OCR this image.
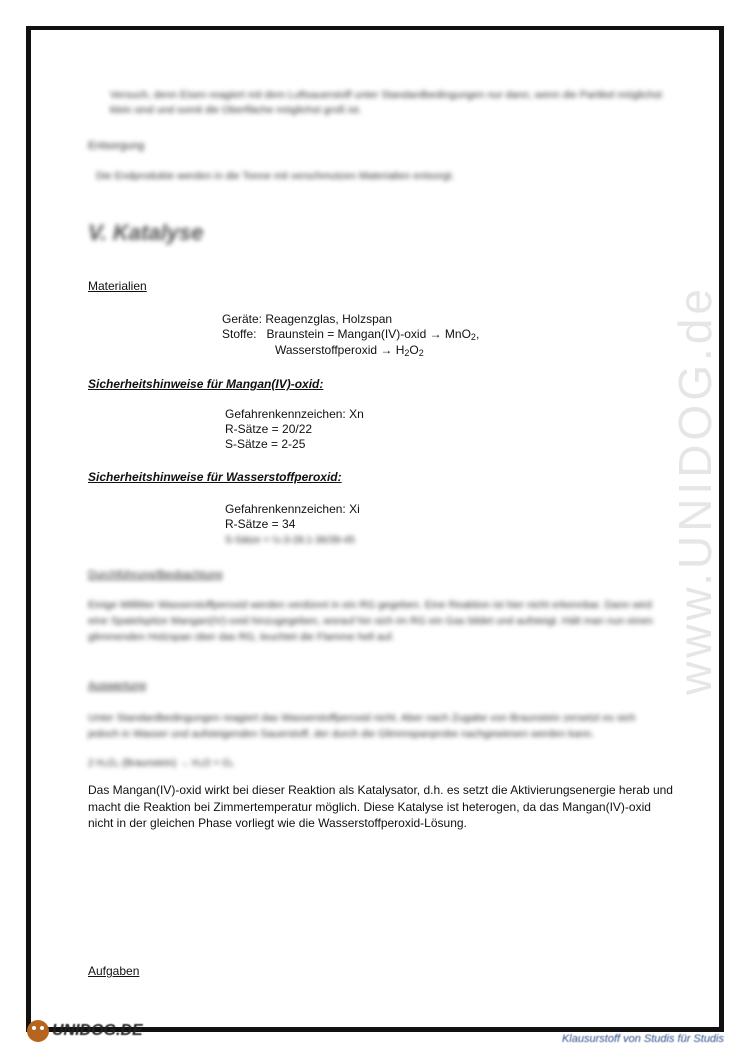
www.UNIDOG.de
Versuch, denn Eisen reagiert mit dem Luftsauerstoff unter Standardbedingungen nur dann, wenn die Partikel möglichst klein sind und somit die Oberfläche möglichst groß ist.
Entsorgung
Die Endprodukte werden in die Tonne mit verschmutzen Materialien entsorgt.
V. Katalyse
Materialien
Geräte: Reagenzglas, Holzspan
Stoffe: Braunstein = Mangan(IV)-oxid → MnO$_2$,
Wasserstoffperoxid → $H_2O_2$
Sicherheitshinweise für Mangan(IV)-oxid:
Gefahrenkennzeichen: Xn
R-Sätze = 20/22
S-Sätze = 2-25
Sicherheitshinweise für Wasserstoffperoxid:
Gefahrenkennzeichen: Xi
R-Sätze = 34
S-Sätze = ½-3-28.1-36/39-45
Durchführung/Beobachtung
Einige Milliliter Wasserstoffperoxid werden verdünnt in ein RG gegeben. Eine Reaktion ist hier nicht erkennbar. Dann wird eine Spatelspitze Mangan(IV)-oxid hinzugegeben, worauf hin sich im RG ein Gas bildet und aufsteigt. Hält man nun einen glimmenden Holzspan über das RG, leuchtet die Flamme hell auf.
Auswertung
Unter Standardbedingungen reagiert das Wasserstoffperoxid nicht. Aber nach Zugabe von Braunstein zersetzt es sich jedoch in Wasser und aufsteigenden Sauerstoff, der durch die Glimmspanprobe nachgewiesen werden kann.
2 H₂O₂ (Braunstein) → H₂O + O₂
Das Mangan(IV)-oxid wirkt bei dieser Reaktion als Katalysator, d.h. es setzt die Aktivierungsenergie herab und macht die Reaktion bei Zimmertemperatur möglich. Diese Katalyse ist heterogen, da das Mangan(IV)-oxid nicht in der gleichen Phase vorliegt wie die Wasserstoffperoxid-Lösung.
Aufgaben
UNIDOG.DE	Klausurstoff von Studis für Studis
